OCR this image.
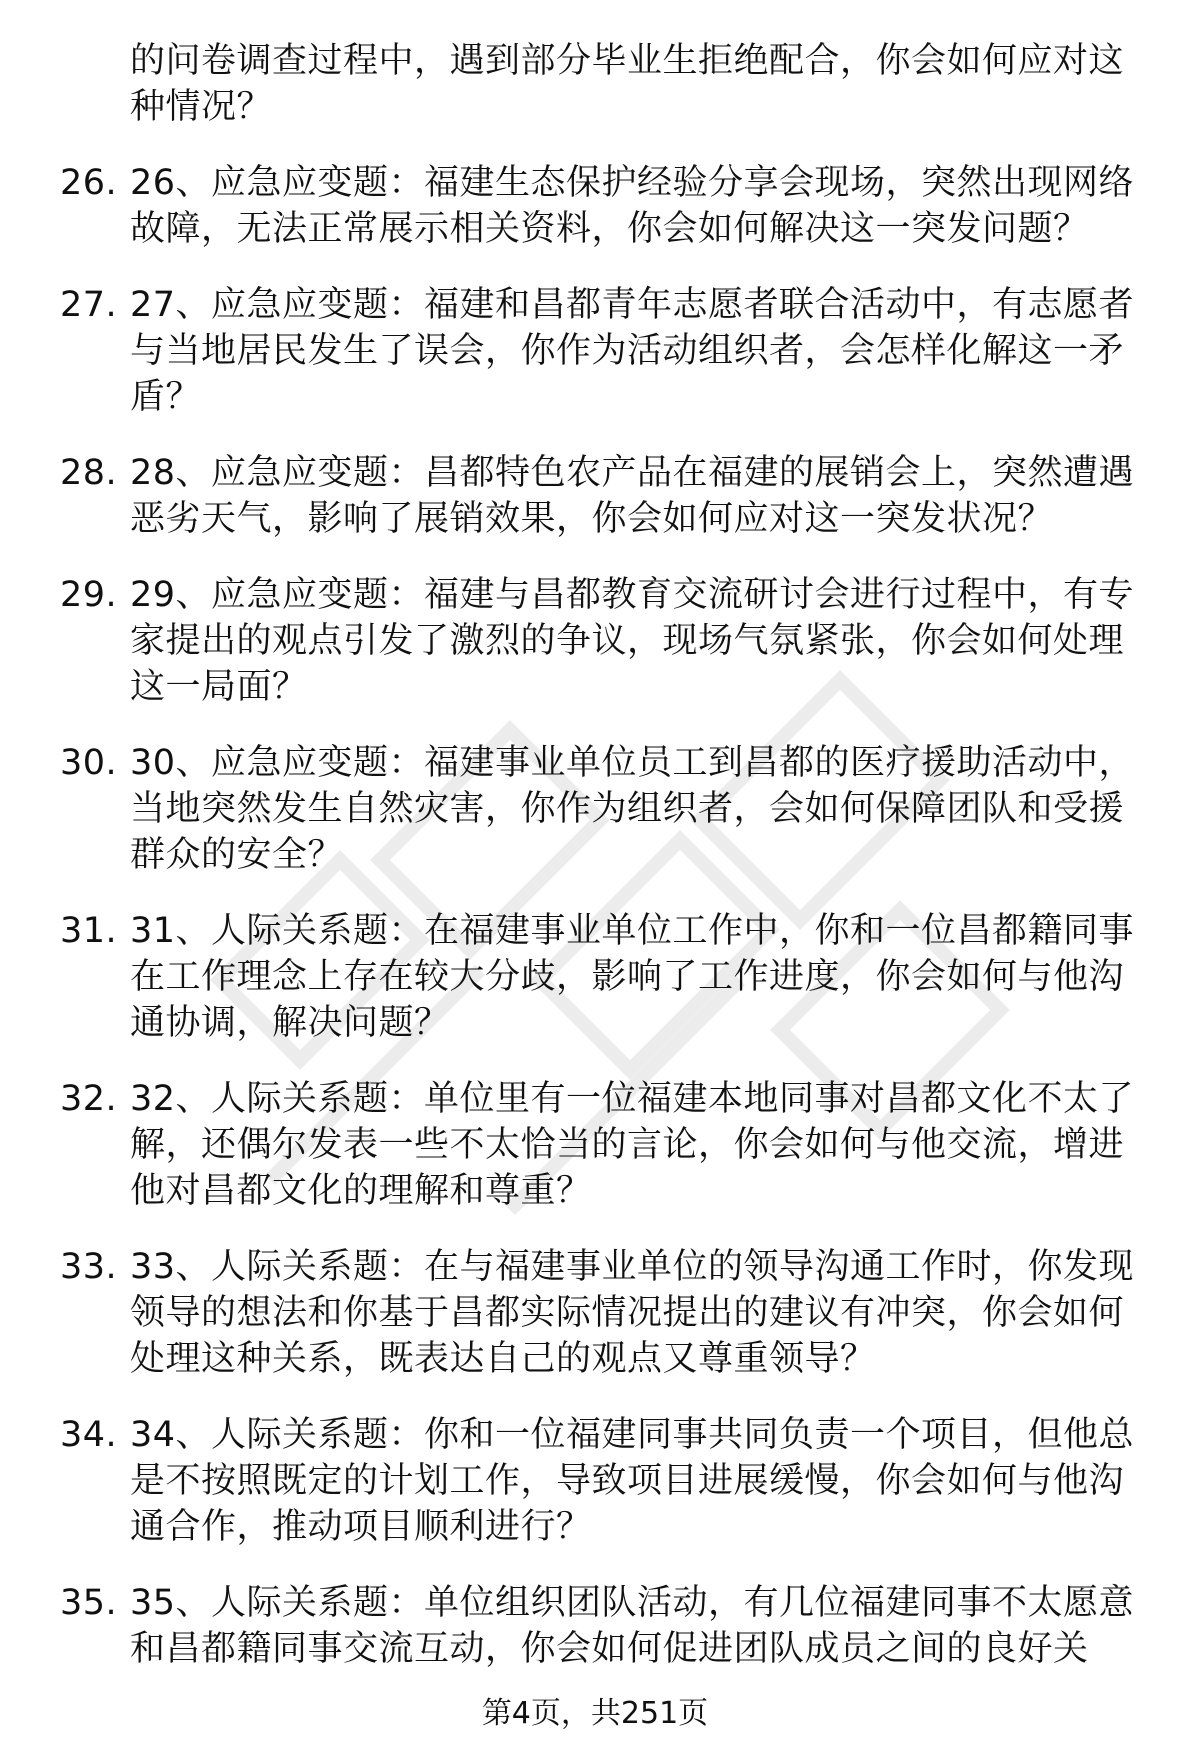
的问卷调查过程中，遇到部分毕业生拒绝配合，你会如何应对这种情况？
26. 26、应急应变题：福建生态保护经验分享会现场，突然出现网络故障，无法正常展示相关资料，你会如何解决这一突发问题？
27. 27、应急应变题：福建和昌都青年志愿者联合活动中，有志愿者与当地居民发生了误会，你作为活动组织者，会怎样化解这一矛盾？
28. 28、应急应变题：昌都特色农产品在福建的展销会上，突然遭遇恶劣天气，影响了展销效果，你会如何应对这一突发状况？
29. 29、应急应变题：福建与昌都教育交流研讨会进行过程中，有专家提出的观点引发了激烈的争议，现场气氛紧张，你会如何处理这一局面？
30. 30、应急应变题：福建事业单位员工到昌都的医疗援助活动中，当地突然发生自然灾害，你作为组织者，会如何保障团队和受援群众的安全？
31. 31、人际关系题：在福建事业单位工作中，你和一位昌都籍同事在工作理念上存在较大分歧，影响了工作进度，你会如何与他沟通协调，解决问题？
32. 32、人际关系题：单位里有一位福建本地同事对昌都文化不太了解，还偶尔发表一些不太恰当的言论，你会如何与他交流，增进他对昌都文化的理解和尊重？
33. 33、人际关系题：在与福建事业单位的领导沟通工作时，你发现领导的想法和你基于昌都实际情况提出的建议有冲突，你会如何处理这种关系，既表达自己的观点又尊重领导？
34. 34、人际关系题：你和一位福建同事共同负责一个项目，但他总是不按照既定的计划工作，导致项目进展缓慢，你会如何与他沟通合作，推动项目顺利进行？
35. 35、人际关系题：单位组织团队活动，有几位福建同事不太愿意和昌都籍同事交流互动，你会如何促进团队成员之间的良好关
第4页，共251页
